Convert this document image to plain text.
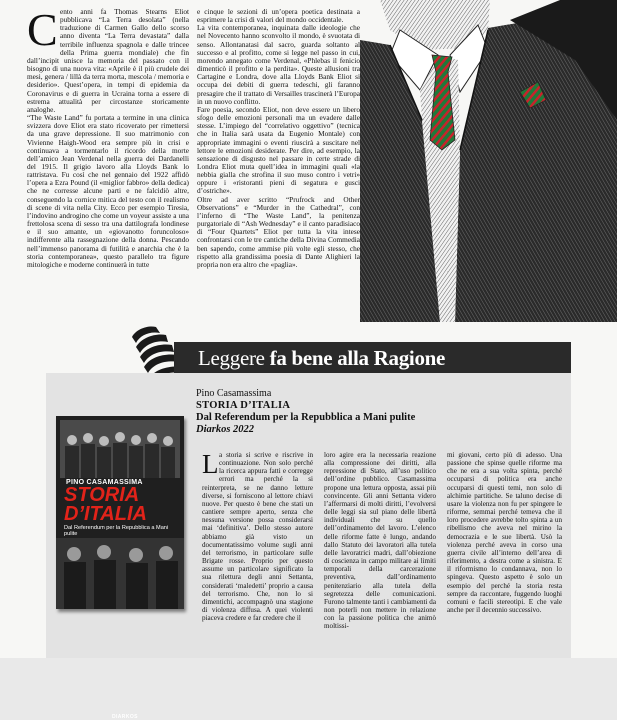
C ento anni fa Thomas Stearns Eliot pubblicava “La Terra desolata” (nella traduzione di Carmen Gallo dello scorso anno diventa “La Terra devastata” dalla terribile influenza spagnola e dalle trincee della Prima guerra mondiale) che fin dall’incipit unisce la memoria del passato con il bisogno di una nuova vita: «Aprile è il più crudele dei mesi, genera / lillà da terra morta, mescola / memoria e desiderio». Quest’opera, in tempi di epidemia da Coronavirus e di guerra in Ucraina torna a essere di estrema attualità per circostanze storicamente analoghe.

“The Waste Land” fu portata a termine in una clinica svizzera dove Eliot era stato ricoverato per rimettersi da una grave depressione. Il suo matrimonio con Vivienne Haigh-Wood era sempre più in crisi e continuava a tormentarlo il ricordo della morte dell’amico Jean Verdenal nella guerra dei Dardanelli del 1915. Il grigio lavoro alla Lloyds Bank lo rattristava. Fu così che nel gennaio del 1922 affidò l’opera a Ezra Pound (il «miglior fabbro» della dedica) che ne corresse alcune parti e ne falcidiò altre, conseguendo la cornice mitica del testo con il realismo di scene di vita nella City. Ecco per esempio Tiresia, l’indovino androgino che come un voyeur assiste a una frettolosa scena di sesso tra una dattilografa londinese e il suo amante, un «giovanotto foruncoloso» indifferente alla rassegnazione della donna. Pescando nell’immenso panorama di futilità e anarchia che è la storia contemporanea», questo parallelo tra figure mitologiche e moderne continuerà in tutte

e cinque le sezioni di un’opera poetica destinata a esprimere la crisi di valori del mondo occidentale.

La vita contemporanea, inquinata dalle ideologie che nel Novecento hanno sconvolto il mondo, è svuotata di senso. Allontanatasi dal sacro, guarda soltanto al successo e al profitto, come si legge nel passo in cui, morendo annegato come Verdenal, «Phlebas il fenicio dimenticò il profitto e la perdita». Queste allusioni tra Cartagine e Londra, dove alla Lloyds Bank Eliot si occupa dei debiti di guerra tedeschi, gli faranno presagire che il trattato di Versailles trascinerà l’Europa in un nuovo conflitto.

Fare poesia, secondo Eliot, non deve essere un libero sfogo delle emozioni personali ma un evadere dalle stesse. L’impiego del “correlativo oggettivo” (tecnica che in Italia sarà usata da Eugenio Montale) con appropriate immagini o eventi riuscirà a suscitare nel lettore le emozioni desiderate. Per dire, ad esempio, la sensazione di disgusto nel passare in certe strade di Londra Eliot muta quell’idea in immagini quali «la nebbia gialla che strofina il suo muso contro i vetri» oppure i «ristoranti pieni di segatura e gusci d’ostriche».

Oltre ad aver scritto “Prufrock and Other Observations” e “Murder in the Cathedral”, con l’inferno di “The Waste Land”, la penitenza purgatoriale di “Ash Wednesday” e il canto paradisiaco di “Four Quartets” Eliot per tutta la vita intese confrontarsi con le tre cantiche della Divina Commedia ben sapendo, come ammise più volte egli stesso, che rispetto alla grandissima poesia di Dante Alighieri la propria non era altro che «paglia».

Leggere fa bene alla Ragione
Pino Casamassima
STORIA D’ITALIA
Dal Referendum per la Repubblica a Mani pulite
Diarkos 2022
PINO CASAMASSIMA
STORIA D’ITALIA
Dal Referendum per la Repubblica a Mani pulite
DIARKOS
L a storia si scrive e riscrive in continuazione. Non solo perché la ricerca appura fatti e corregge errori ma perché la si reinterpreta, se ne danno letture diverse, si forniscono al lettore chiavi nuove. Per questo è bene che stati un cantiere sempre aperto, senza che nessuna versione possa considerarsi mai ‘definitiva’. Dello stesso autore abbiamo già visto un documentatissimo volume sugli anni del terrorismo, in particolare sulle Brigate rosse. Proprio per questo assume un particolare significato la sua rilettura degli anni Settanta, considerati ‘maledetti’ proprio a causa del terrorismo. Che, non lo si dimentichi, accompagnò una stagione di violenza diffusa. A quei violenti piaceva credere e far credere che il
loro agire era la necessaria reazione alla compressione dei diritti, alla repressione di Stato, all’uso politico dell’ordine pubblico. Casamassima propone una lettura opposta, assai più convincente. Gli anni Settanta videro l’affermarsi di molti diritti, l’evolversi delle leggi sia sul piano delle libertà individuali che su quello dell’ordinamento del lavoro. L’elenco delle riforme fatte è lungo, andando dallo Statuto dei lavoratori alla tutela delle lavoratrici madri, dall’obiezione di coscienza in campo militare ai limiti temporali della carcerazione preventiva, dall’ordinamento penitenziario alla tutela della segretezza delle comunicazioni. Furono talmente tanti i cambiamenti da non poterli non mettere in relazione con la passione politica che animò moltissi-
mi giovani, certo più di adesso. Una passione che spinse quelle riforme ma che ne era a sua volta spinta, perché occuparsi di politica era anche occuparsi di questi temi, non solo di alchimie partitiche. Se taluno decise di usare la violenza non fu per spingere le riforme, semmai perché temeva che il loro procedere avrebbe tolto spinta a un ribellismo che aveva nel mirino la democrazia e le sue libertà. Usò la violenza perché aveva in corso una guerra civile all’interno dell’area di riferimento, a destra come a sinistra. E il riformismo lo condannava, non lo spingeva. Questo aspetto è solo un esempio del perché la storia resta sempre da raccontare, fuggendo luoghi comuni e facili stereotipi. E che vale anche per il decennio successivo.
